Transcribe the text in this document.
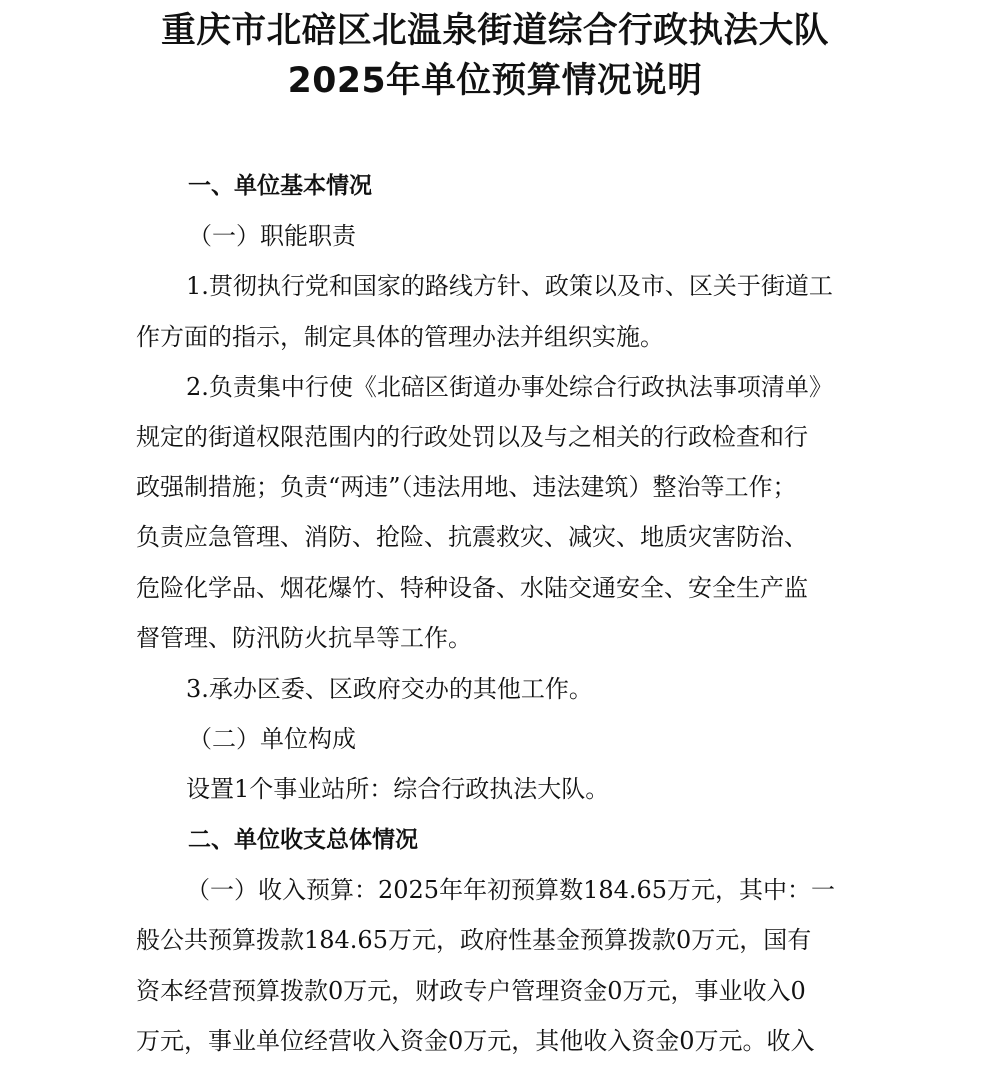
重庆市北碚区北温泉街道综合行政执法大队
2025年单位预算情况说明
一、单位基本情况
（一）职能职责
1.贯彻执行党和国家的路线方针、政策以及市、区关于街道工
作方面的指示，制定具体的管理办法并组织实施。
2.负责集中行使《北碚区街道办事处综合行政执法事项清单》
规定的街道权限范围内的行政处罚以及与之相关的行政检查和行
政强制措施；负责“两违”（违法用地、违法建筑）整治等工作；
负责应急管理、消防、抢险、抗震救灾、减灾、地质灾害防治、
危险化学品、烟花爆竹、特种设备、水陆交通安全、安全生产监
督管理、防汛防火抗旱等工作。
3.承办区委、区政府交办的其他工作。
（二）单位构成
设置1个事业站所：综合行政执法大队。
二、单位收支总体情况
（一）收入预算：2025年年初预算数184.65万元，其中：一
般公共预算拨款184.65万元，政府性基金预算拨款0万元，国有
资本经营预算拨款0万元，财政专户管理资金0万元，事业收入0
万元，事业单位经营收入资金0万元，其他收入资金0万元。收入
